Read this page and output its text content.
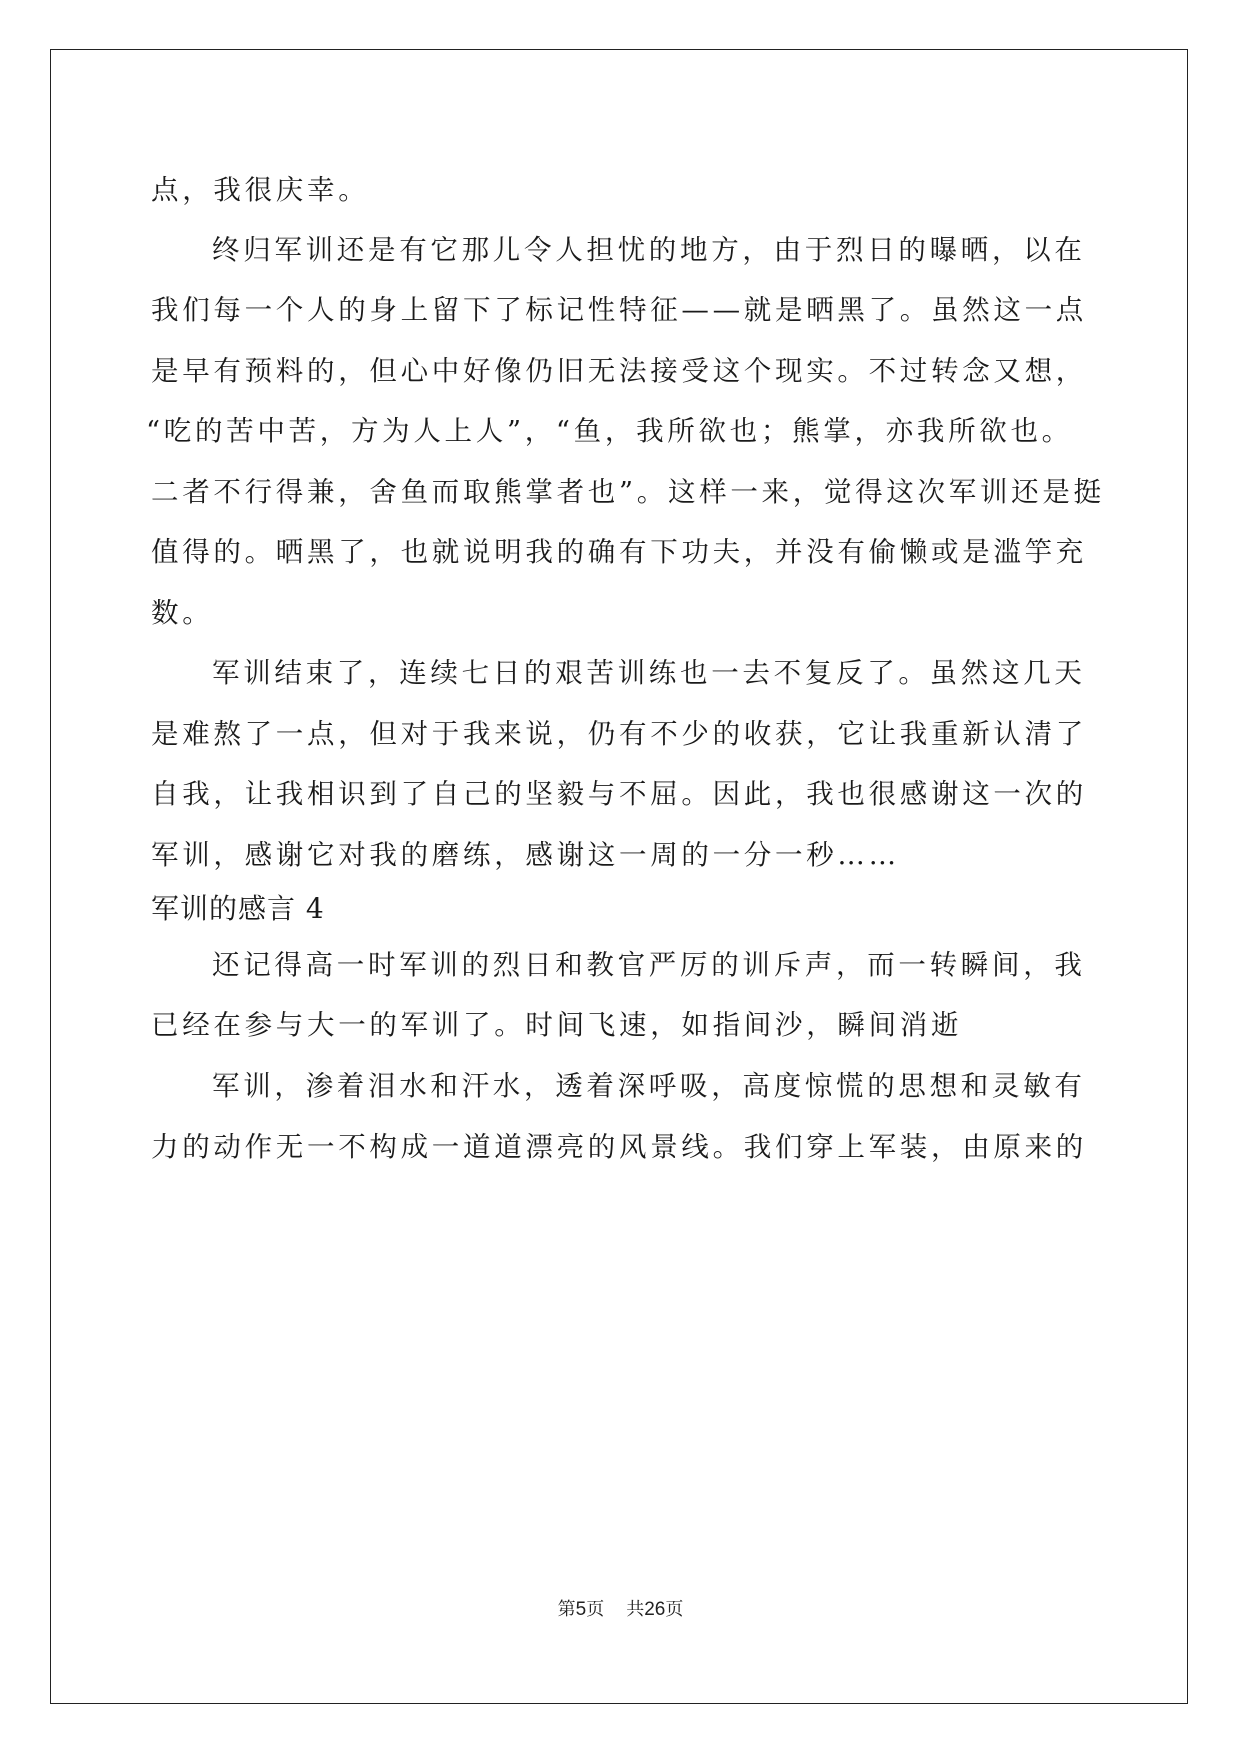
点，我很庆幸。
终归军训还是有它那儿令人担忧的地方，由于烈日的曝晒，以在
我们每一个人的身上留下了标记性特征——就是晒黑了。虽然这一点
是早有预料的，但心中好像仍旧无法接受这个现实。不过转念又想，
“吃的苦中苦，方为人上人”，“鱼，我所欲也；熊掌，亦我所欲也。
二者不行得兼，舍鱼而取熊掌者也”。这样一来，觉得这次军训还是挺
值得的。晒黑了，也就说明我的确有下功夫，并没有偷懒或是滥竽充
数。
军训结束了，连续七日的艰苦训练也一去不复反了。虽然这几天
是难熬了一点，但对于我来说，仍有不少的收获，它让我重新认清了
自我，让我相识到了自己的坚毅与不屈。因此，我也很感谢这一次的
军训，感谢它对我的磨练，感谢这一周的一分一秒……
军训的感言 4
还记得高一时军训的烈日和教官严厉的训斥声，而一转瞬间，我
已经在参与大一的军训了。时间飞速，如指间沙，瞬间消逝
军训，渗着泪水和汗水，透着深呼吸，高度惊慌的思想和灵敏有
力的动作无一不构成一道道漂亮的风景线。我们穿上军装，由原来的
第5页 共26页
